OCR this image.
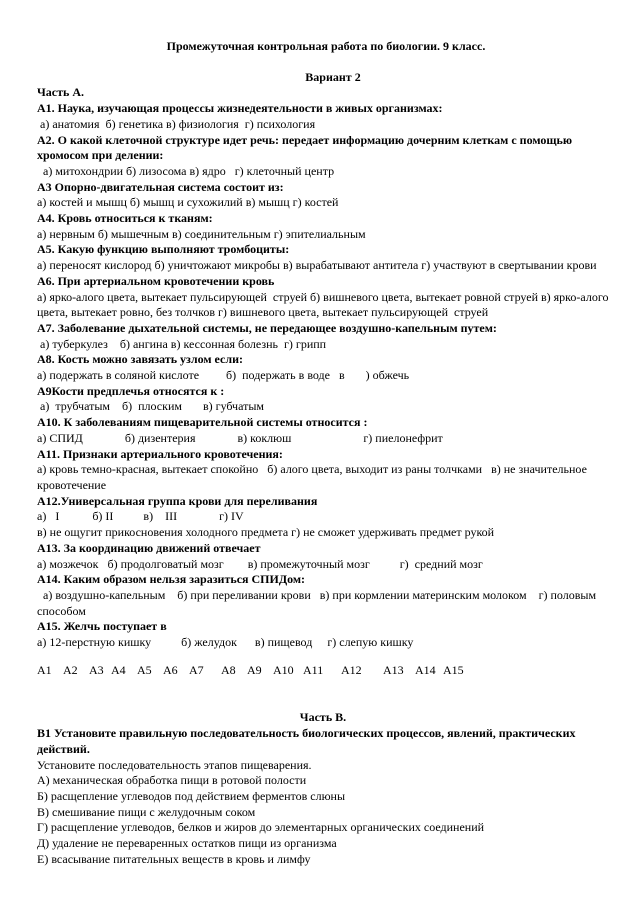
Промежуточная контрольная работа по биологии. 9 класс.
Вариант 2
Часть А.
А1. Наука, изучающая процессы жизнедеятельности в живых организмах:
а) анатомия  б) генетика в) физиология  г) психология
А2. О какой клеточной структуре идет речь: передает информацию дочерним клеткам с помощью хромосом при делении:
а) митохондрии б) лизосома в) ядро   г) клеточный центр
А3 Опорно-двигательная система состоит из:
а) костей и мышц б) мышц и сухожилий в) мышц г) костей
А4. Кровь относиться к тканям:
а) нервным б) мышечным в) соединительным г) эпителиальным
А5. Какую функцию выполняют тромбоциты:
а) переносят кислород б) уничтожают микробы в) вырабатывают антитела г) участвуют в свертывании крови
А6. При артериальном кровотечении кровь
а) ярко-алого цвета, вытекает пульсирующей  струей б) вишневого цвета, вытекает ровной струей в) ярко-алого цвета, вытекает ровно, без толчков г) вишневого цвета, вытекает пульсирующей  струей
А7. Заболевание дыхательной системы, не передающее воздушно-капельным путем:
а) туберкулез    б) ангина в) кессонная болезнь  г) грипп
А8. Кость можно завязать узлом если:
а) подержать в соляной кислоте         б)  подержать в воде   в       ) обжечь
А9Кости предплечья относятся к :
а)  трубчатым    б)  плоским       в) губчатым
А10. К заболеваниям пищеварительной системы относится :
а) СПИД              б) дизентерия              в) коклюш                        г) пиелонефрит
А11. Признаки артериального кровотечения:
а) кровь темно-красная, вытекает спокойно   б) алого цвета, выходит из раны толчками   в) не значительное кровотечение
А12.Универсальная группа крови для переливания
а)   I           б) II          в)    III              г) IV
в) не ощугит прикосновения холодного предмета г) не сможет удерживать предмет рукой
А13. За координацию движений отвечает
а) мозжечок   б) продолговатый мозг        в) промежуточный мозг          г)  средний мозг
А14. Каким образом нельзя заразиться СПИДом:
а) воздушно-капельным    б) при переливании крови   в) при кормлении материнским молоком    г) половым способом
А15. Желчь поступает в
а) 12-перстную кишку          б) желудок      в) пищевод     г) слепую кишку
А1 А2 А3 А4 А5 А6 А7	А8 А9 А10 А11	А12	А13 А14 А15
Часть В.
В1 Установите правильную последовательность биологических процессов, явлений, практических действий.
Установите последовательность этапов пищеварения.
А) механическая обработка пищи в ротовой полости
Б) расщепление углеводов под действием ферментов слюны
В) смешивание пищи с желудочным соком
Г) расщепление углеводов, белков и жиров до элементарных органических соединений
Д) удаление не переваренных остатков пищи из организма
Е) всасывание питательных веществ в кровь и лимфу
